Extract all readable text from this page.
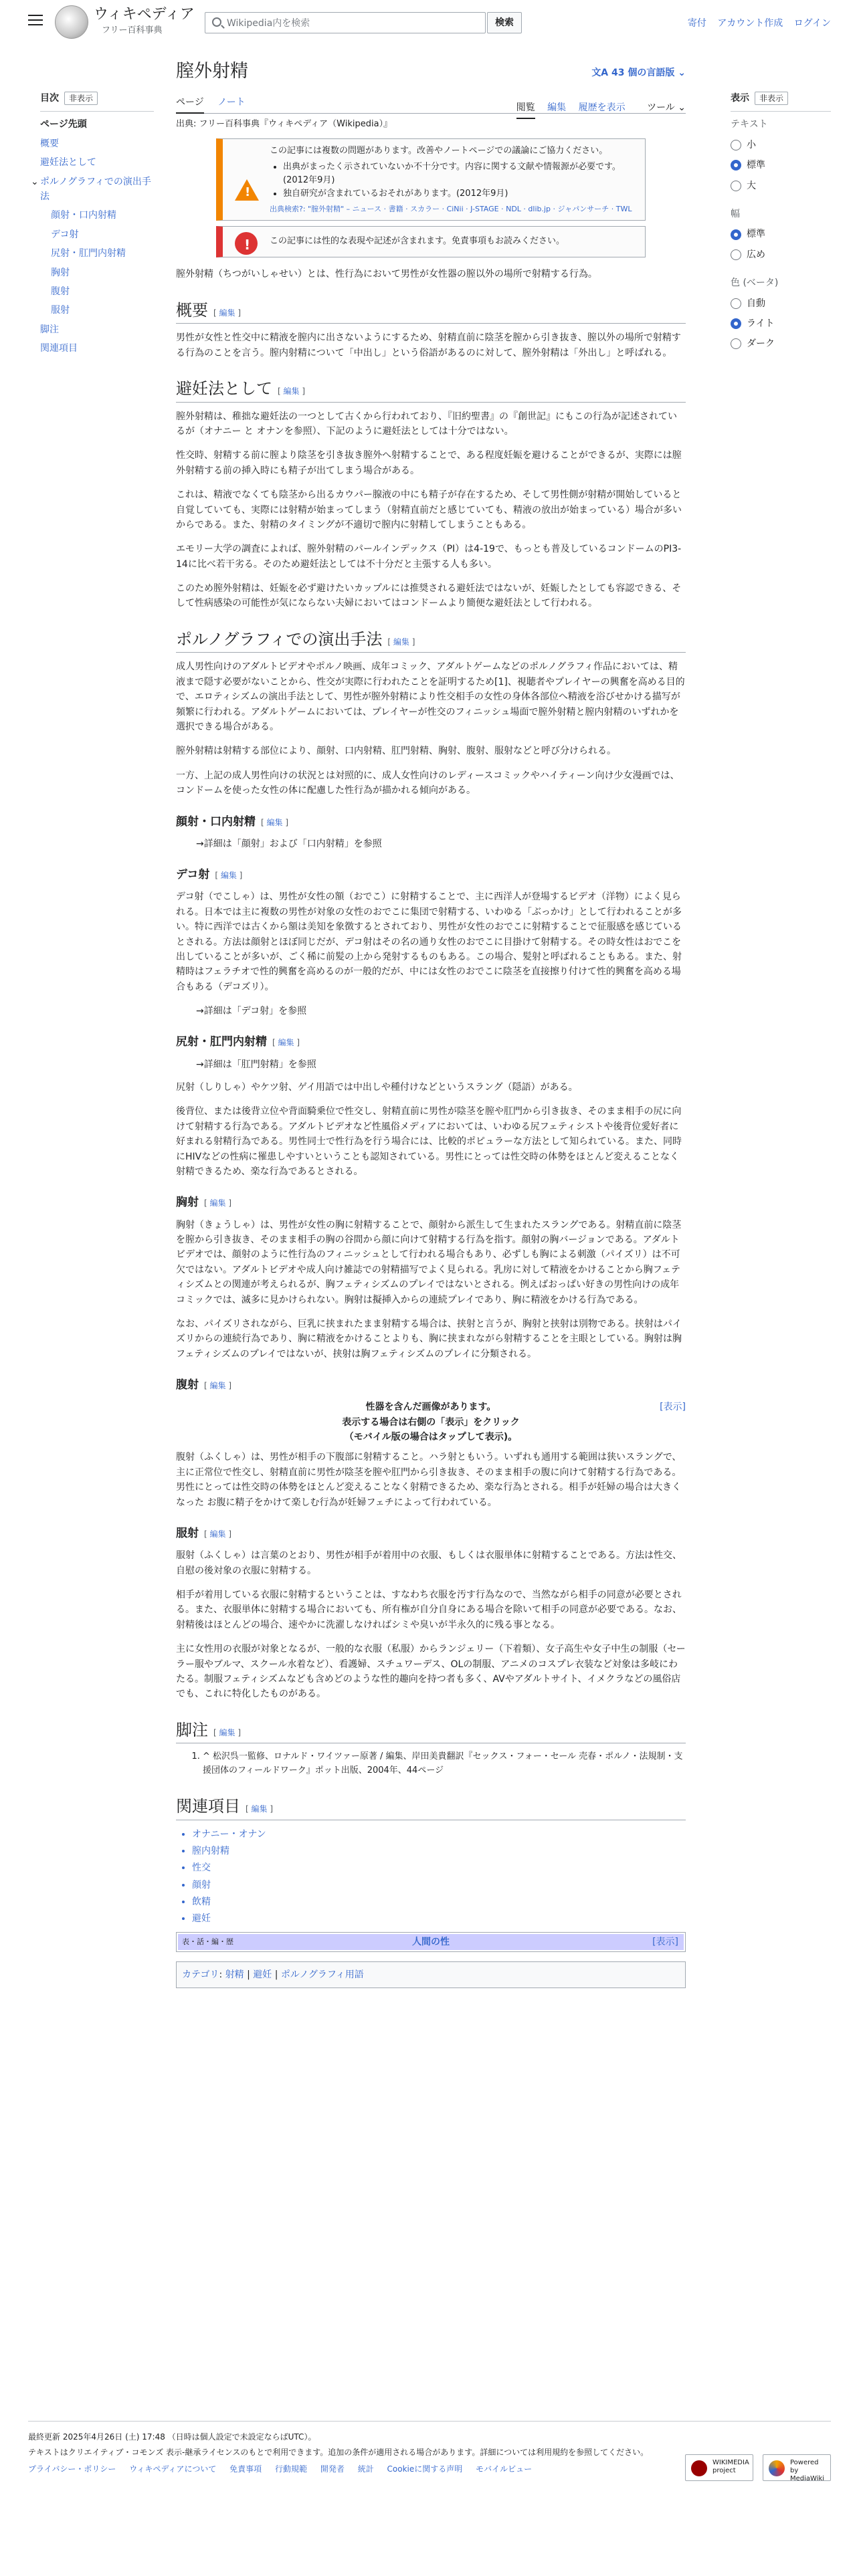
ウィキペディア
フリー百科事典
Wikipedia内を検索	検索	寄付 アカウント作成 ログイン
目次 非表示
ページ先頭
概要
避妊法として
⌄ ポルノグラフィでの演出手法
顔射・口内射精
デコ射
尻射・肛門内射精
胸射
腹射
服射
脚注
関連項目
膣外射精	文A 43 個の言語版 ⌄
ページ ノート	閲覧 編集 履歴を表示 ツール ⌄
出典: フリー百科事典『ウィキペディア（Wikipedia）』
!
この記事には複数の問題があります。改善やノートページでの議論にご協力ください。
• 出典がまったく示されていないか不十分です。内容に関する文献や情報源が必要です。(2012年9月)
• 独自研究が含まれているおそれがあります。(2012年9月)
出典検索?: "膣外射精" – ニュース · 書籍 · スカラー · CiNii · J-STAGE · NDL · dlib.jp · ジャパンサーチ · TWL
!
この記事には性的な表現や記述が含まれます。免責事項もお読みください。

膣外射精（ちつがいしゃせい）とは、性行為において男性が女性器の膣以外の場所で射精する行為。

概要 [ 編集 ]

男性が女性と性交中に精液を膣内に出さないようにするため、射精直前に陰茎を膣から引き抜き、膣以外の場所で射精する行為のことを言う。膣内射精について「中出し」という俗語があるのに対して、膣外射精は「外出し」と呼ばれる。

避妊法として [ 編集 ]

膣外射精は、稚拙な避妊法の一つとして古くから行われており、『旧約聖書』の『創世記』にもこの行為が記述されているが（オナニー と オナンを参照）、下記のように避妊法としては十分ではない。

性交時、射精する前に膣より陰茎を引き抜き膣外へ射精することで、ある程度妊娠を避けることができるが、実際には膣外射精する前の挿入時にも精子が出てしまう場合がある。

これは、精液でなくても陰茎から出るカウパー腺液の中にも精子が存在するため、そして男性側が射精が開始していると自覚していても、実際には射精が始まってしまう（射精直前だと感じていても、精液の放出が始まっている）場合が多いからである。また、射精のタイミングが不適切で膣内に射精してしまうこともある。

エモリー大学の調査によれば、膣外射精のパールインデックス（PI）は4-19で、もっとも普及しているコンドームのPI3-14に比べ若干劣る。そのため避妊法としては不十分だと主張する人も多い。

このため膣外射精は、妊娠を必ず避けたいカップルには推奨される避妊法ではないが、妊娠したとしても容認できる、そして性病感染の可能性が気にならない夫婦においてはコンドームより簡便な避妊法として行われる。

ポルノグラフィでの演出手法 [ 編集 ]

成人男性向けのアダルトビデオやポルノ映画、成年コミック、アダルトゲームなどのポルノグラフィ作品においては、精液まで隠す必要がないことから、性交が実際に行われたことを証明するため[1]、視聴者やプレイヤーの興奮を高める目的で、エロティシズムの演出手法として、男性が膣外射精により性交相手の女性の身体各部位へ精液を浴びせかける描写が頻繁に行われる。アダルトゲームにおいては、プレイヤーが性交のフィニッシュ場面で膣外射精と膣内射精のいずれかを選択できる場合がある。

膣外射精は射精する部位により、顔射、口内射精、肛門射精、胸射、腹射、服射などと呼び分けられる。

一方、上記の成人男性向けの状況とは対照的に、成人女性向けのレディースコミックやハイティーン向け少女漫画では、コンドームを使った女性の体に配慮した性行為が描かれる傾向がある。

顔射・口内射精 [ 編集 ]
→詳細は「顔射」および「口内射精」を参照
デコ射 [ 編集 ]

デコ射（でこしゃ）は、男性が女性の額（おでこ）に射精することで、主に西洋人が登場するビデオ（洋物）によく見られる。日本では主に複数の男性が対象の女性のおでこに集団で射精する、いわゆる「ぶっかけ」として行われることが多い。特に西洋では古くから額は美知を象徴するとされており、男性が女性のおでこに射精することで征服感を感じているとされる。方法は顔射とほぼ同じだが、デコ射はその名の通り女性のおでこに目掛けて射精する。その時女性はおでこを出していることが多いが、ごく稀に前髪の上から発射するものもある。この場合、髪射と呼ばれることもある。また、射精時はフェラチオで性的興奮を高めるのが一般的だが、中には女性のおでこに陰茎を直接擦り付けて性的興奮を高める場合もある（デコズリ）。

→詳細は「デコ射」を参照
尻射・肛門内射精 [ 編集 ]
→詳細は「肛門射精」を参照

尻射（しりしゃ）やケツ射、ゲイ用語では中出しや種付けなどというスラング（隠語）がある。

後背位、または後背立位や背面騎乗位で性交し、射精直前に男性が陰茎を膣や肛門から引き抜き、そのまま相手の尻に向けて射精する行為である。アダルトビデオなど性風俗メディアにおいては、いわゆる尻フェティシストや後背位愛好者に好まれる射精行為である。男性同士で性行為を行う場合には、比較的ポピュラーな方法として知られている。また、同時にHIVなどの性病に罹患しやすいということも認知されている。男性にとっては性交時の体勢をほとんど変えることなく射精できるため、楽な行為であるとされる。

胸射 [ 編集 ]

胸射（きょうしゃ）は、男性が女性の胸に射精することで、顔射から派生して生まれたスラングである。射精直前に陰茎を膣から引き抜き、そのまま相手の胸の谷間から顔に向けて射精する行為を指す。顔射の胸バージョンである。アダルトビデオでは、顔射のように性行為のフィニッシュとして行われる場合もあり、必ずしも胸による刺激（パイズリ）は不可欠ではない。アダルトビデオや成人向け雑誌での射精描写でよく見られる。乳房に対して精液をかけることから胸フェティシズムとの関連が考えられるが、胸フェティシズムのプレイではないとされる。例えばおっぱい好きの男性向けの成年コミックでは、滅多に見かけられない。胸射は擬挿入からの連続プレイであり、胸に精液をかける行為である。

なお、パイズリされながら、巨乳に挟まれたまま射精する場合は、挟射と言うが、胸射と挟射は別物である。挟射はパイズリからの連続行為であり、胸に精液をかけることよりも、胸に挟まれながら射精することを主眼としている。胸射は胸フェティシズムのプレイではないが、挟射は胸フェティシズムのプレイに分類される。

腹射 [ 編集 ]
性器を含んだ画像があります。
表示する場合は右側の「表示」をクリック
（モバイル版の場合はタップして表示)。
[表示]

腹射（ふくしゃ）は、男性が相手の下腹部に射精すること。ハラ射ともいう。いずれも通用する範囲は狭いスラングで、主に正常位で性交し、射精直前に男性が陰茎を膣や肛門から引き抜き、そのまま相手の腹に向けて射精する行為である。男性にとっては性交時の体勢をほとんど変えることなく射精できるため、楽な行為とされる。相手が妊婦の場合は大きくなった お腹に精子をかけて楽しむ行為が妊婦フェチによって行われている。

服射 [ 編集 ]

服射（ふくしゃ）は言葉のとおり、男性が相手が着用中の衣服、もしくは衣服単体に射精することである。方法は性交、自慰の後対象の衣服に射精する。

相手が着用している衣服に射精するということは、すなわち衣服を汚す行為なので、当然ながら相手の同意が必要とされる。また、衣服単体に射精する場合においても、所有権が自分自身にある場合を除いて相手の同意が必要である。なお、射精後はほとんどの場合、速やかに洗濯しなければシミや臭いが半永久的に残る事となる。

主に女性用の衣服が対象となるが、一般的な衣服（私服）からランジェリー（下着類）、女子高生や女子中生の制服（セーラー服やブルマ、スクール水着など）、看護婦、スチュワーデス、OLの制服、アニメのコスプレ衣装など対象は多岐にわたる。制服フェティシズムなども含めどのような性的趣向を持つ者も多く、AVやアダルトサイト、イメクラなどの風俗店でも、これに特化したものがある。

脚注 [ 編集 ]
1. ^ 松沢呉一監修、ロナルド・ワイツァー原著 / 編集、岸田美貴翻訳『セックス・フォー・セール 売春・ポルノ・法規制・支援団体のフィールドワーク』ポット出版、2004年、44ページ
関連項目 [ 編集 ]
• オナニー・オナン
• 膣内射精
• 性交
• 顔射
• 飲精
• 避妊
表・話・編・歴	人間の性	[表示]
カテゴリ: 射精 | 避妊 | ポルノグラフィ用語
表示 非表示
テキスト
小
標準
大
幅
標準
広め
色 (ベータ)
自動
ライト
ダーク

最終更新 2025年4月26日 (土) 17:48 （日時は個人設定で未設定ならばUTC）。

テキストはクリエイティブ・コモンズ 表示-継承ライセンスのもとで利用できます。追加の条件が適用される場合があります。詳細については利用規約を参照してください。

プライバシー・ポリシー ウィキペディアについて 免責事項 行動規範 開発者 統計 Cookieに関する声明 モバイルビュー
WIKIMEDIA project
Powered by MediaWiki
